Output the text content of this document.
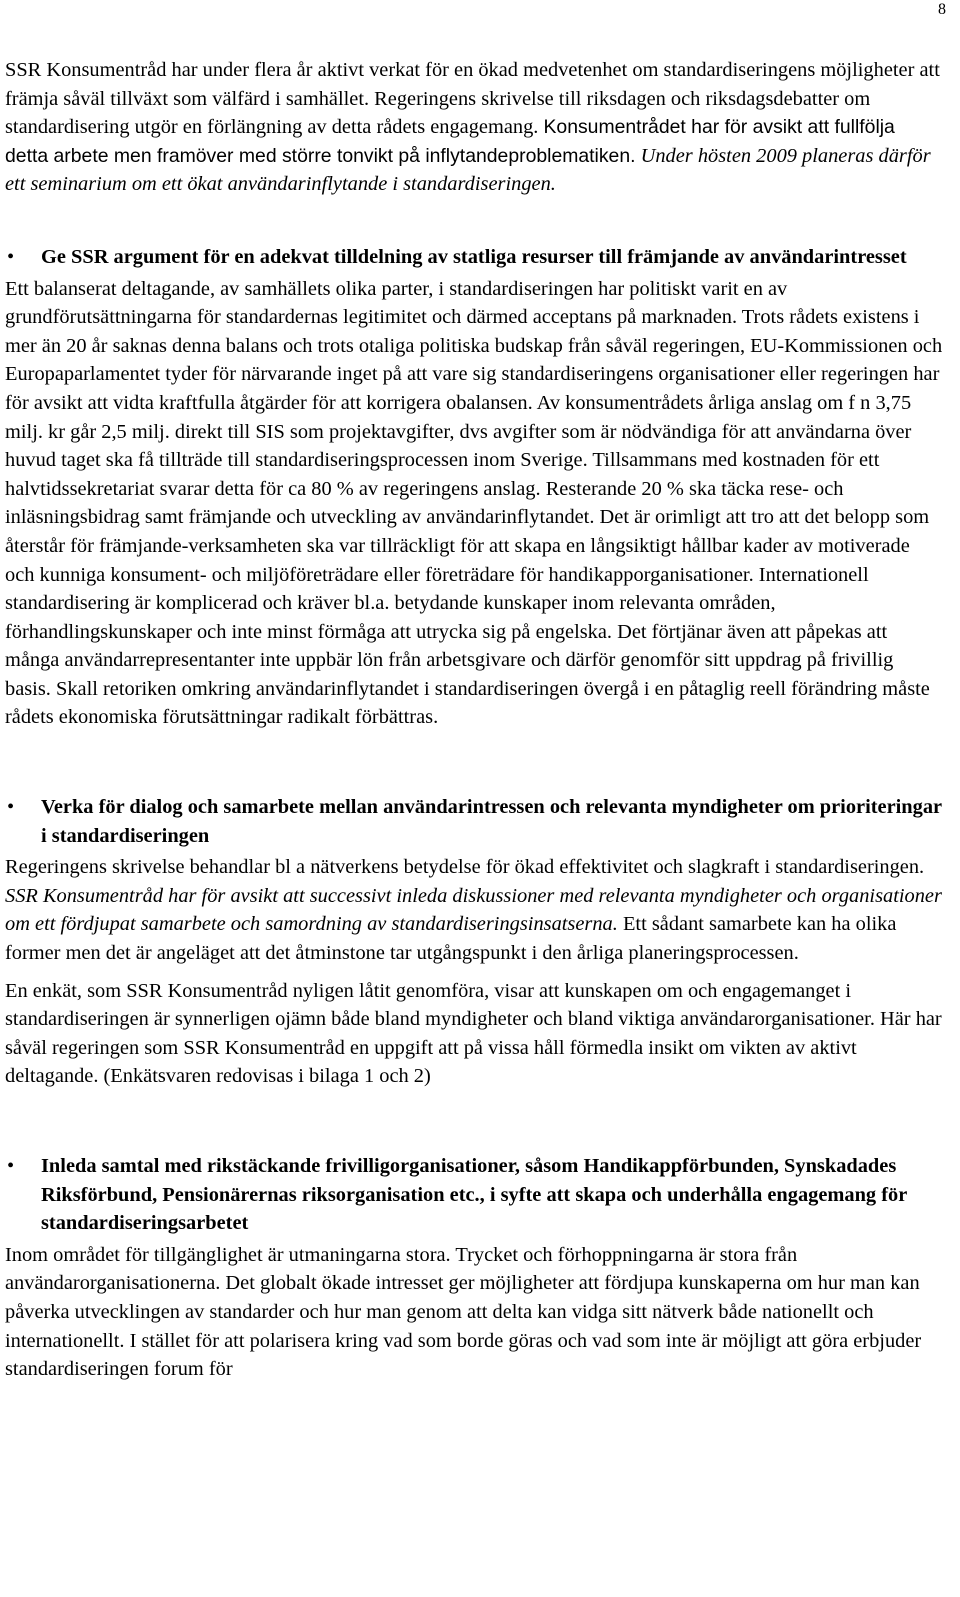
8

SSR Konsumentråd har under flera år aktivt verkat för en ökad medvetenhet om standardiseringens möjligheter att främja såväl tillväxt som välfärd i samhället. Regeringens skrivelse till riksdagen och riksdagsdebatter om standardisering utgör en förlängning av detta rådets engagemang. Konsumentrådet har för avsikt att fullfölja detta arbete men framöver med större tonvikt på inflytandeproblematiken. Under hösten 2009 planeras därför ett seminarium om ett ökat användarinflytande i standardiseringen.

• Ge SSR argument för en adekvat tilldelning av statliga resurser till främjande av användarintresset

Ett balanserat deltagande, av samhällets olika parter, i standardiseringen har politiskt varit en av grundförutsättningarna för standardernas legitimitet och därmed acceptans på marknaden. Trots rådets existens i mer än 20 år saknas denna balans och trots otaliga politiska budskap från såväl regeringen, EU-Kommissionen och Europaparlamentet tyder för närvarande inget på att vare sig standardiseringens organisationer eller regeringen har för avsikt att vidta kraftfulla åtgärder för att korrigera obalansen. Av konsumentrådets årliga anslag om f n 3,75 milj. kr går 2,5 milj. direkt till SIS som projektavgifter, dvs avgifter som är nödvändiga för att användarna över huvud taget ska få tillträde till standardiseringsprocessen inom Sverige. Tillsammans med kostnaden för ett halvtidssekretariat svarar detta för ca 80 % av regeringens anslag. Resterande 20 % ska täcka rese- och inläsningsbidrag samt främjande och utveckling av användarinflytandet. Det är orimligt att tro att det belopp som återstår för främjande-verksamheten ska var tillräckligt för att skapa en långsiktigt hållbar kader av motiverade och kunniga konsument- och miljöföreträdare eller företrädare för handikapporganisationer. Internationell standardisering är komplicerad och kräver bl.a. betydande kunskaper inom relevanta områden, förhandlingskunskaper och inte minst förmåga att utrycka sig på engelska. Det förtjänar även att påpekas att många användarrepresentanter inte uppbär lön från arbetsgivare och därför genomför sitt uppdrag på frivillig basis. Skall retoriken omkring användarinflytandet i standardiseringen övergå i en påtaglig reell förändring måste rådets ekonomiska förutsättningar radikalt förbättras.

• Verka för dialog och samarbete mellan användarintressen och relevanta myndigheter om prioriteringar i standardiseringen

Regeringens skrivelse behandlar bl a nätverkens betydelse för ökad effektivitet och slagkraft i standardiseringen. SSR Konsumentråd har för avsikt att successivt inleda diskussioner med relevanta myndigheter och organisationer om ett fördjupat samarbete och samordning av standardiseringsinsatserna. Ett sådant samarbete kan ha olika former men det är angeläget att det åtminstone tar utgångspunkt i den årliga planeringsprocessen.

En enkät, som SSR Konsumentråd nyligen låtit genomföra, visar att kunskapen om och engagemanget i standardiseringen är synnerligen ojämn både bland myndigheter och bland viktiga användarorganisationer. Här har såväl regeringen som SSR Konsumentråd en uppgift att på vissa håll förmedla insikt om vikten av aktivt deltagande. (Enkätsvaren redovisas i bilaga 1 och 2)

• Inleda samtal med rikstäckande frivilligorganisationer, såsom Handikappförbunden, Synskadades Riksförbund, Pensionärernas riksorganisation etc., i syfte att skapa och underhålla engagemang för standardiseringsarbetet

Inom området för tillgänglighet är utmaningarna stora. Trycket och förhoppningarna är stora från användarorganisationerna. Det globalt ökade intresset ger möjligheter att fördjupa kunskaperna om hur man kan påverka utvecklingen av standarder och hur man genom att delta kan vidga sitt nätverk både nationellt och internationellt. I stället för att polarisera kring vad som borde göras och vad som inte är möjligt att göra erbjuder standardiseringen forum för
